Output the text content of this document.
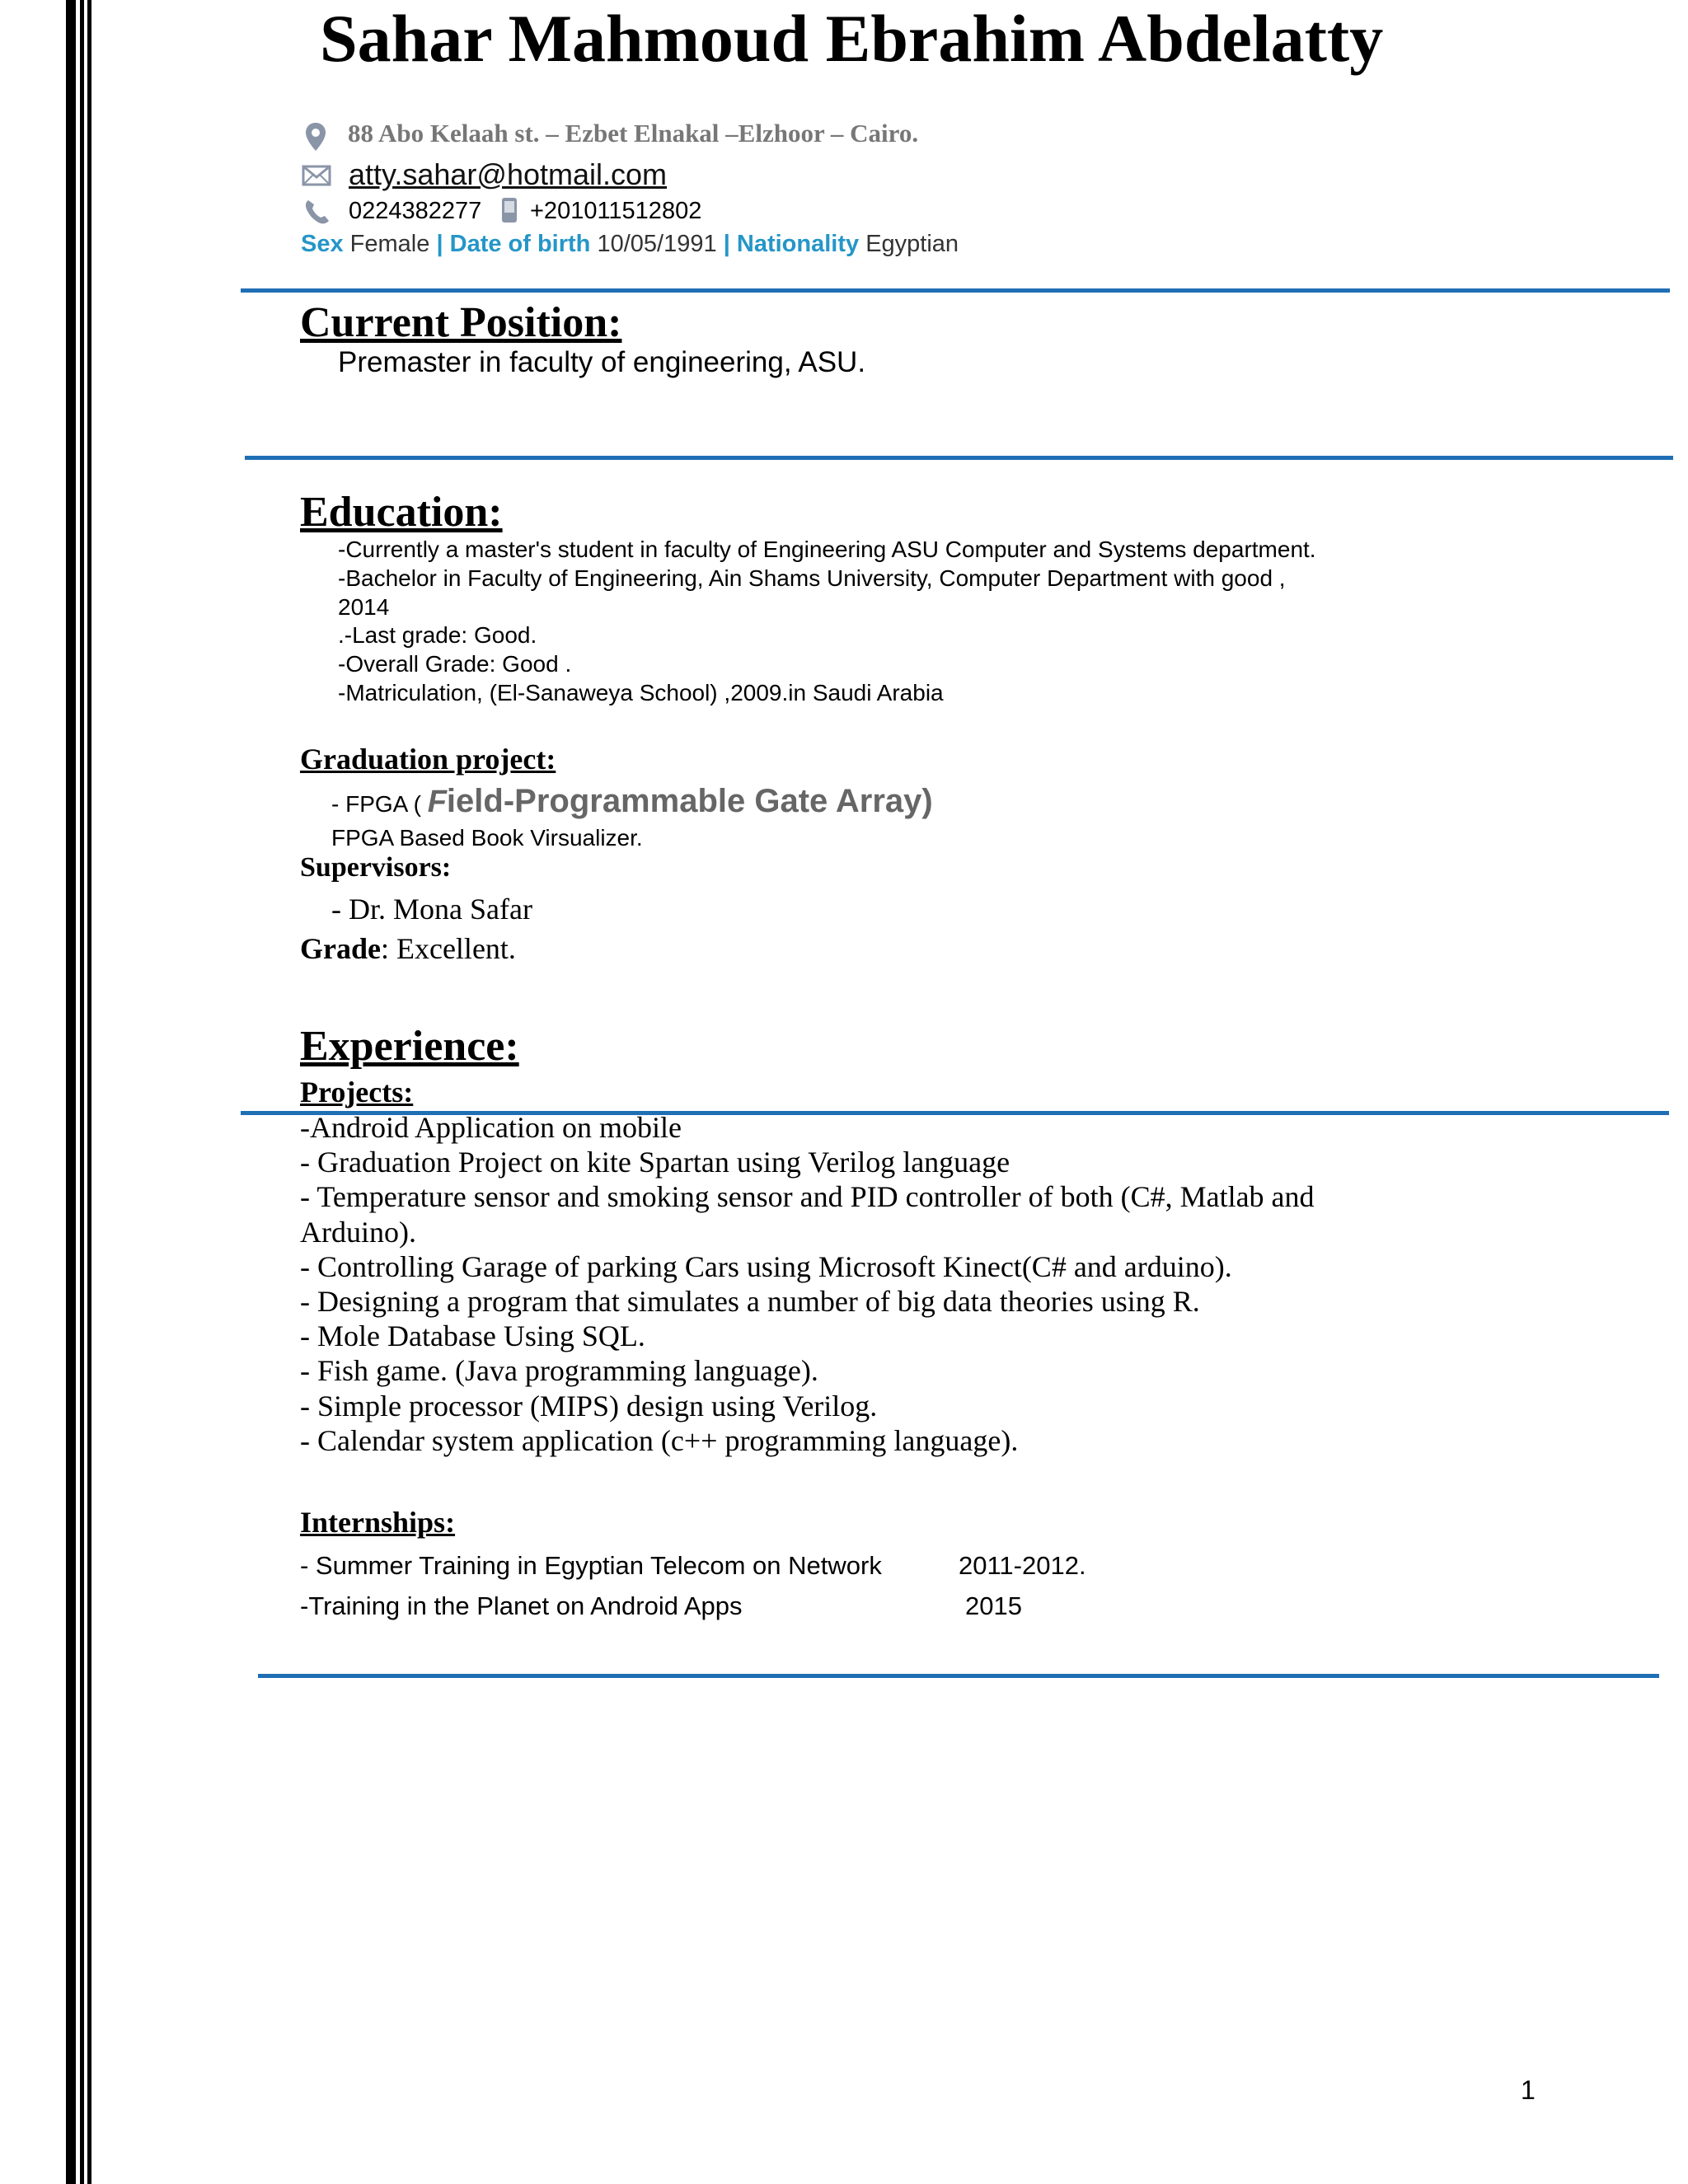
Sahar Mahmoud Ebrahim Abdelatty
88 Abo Kelaah st. – Ezbet Elnakal –Elzhoor – Cairo.
atty.sahar@hotmail.com
0224382277 +201011512802
Sex Female | Date of birth 10/05/1991 | Nationality Egyptian
Current Position:
Premaster in faculty of engineering, ASU.
Education:
-Currently a master's student in faculty of Engineering ASU Computer and Systems department.
-Bachelor in Faculty of Engineering, Ain Shams University, Computer Department with good ,
2014
.-Last grade: Good.
-Overall Grade: Good .
-Matriculation, (El-Sanaweya School) ,2009.in Saudi Arabia
Graduation project:
- FPGA ( Field-Programmable Gate Array)
FPGA Based Book Virsualizer.
Supervisors:
- Dr. Mona Safar
Grade: Excellent.
Experience:
Projects:
-Android Application on mobile
- Graduation Project on kite Spartan using Verilog language
- Temperature sensor and smoking sensor and PID controller of both (C#, Matlab and
Arduino).
- Controlling Garage of parking Cars using Microsoft Kinect(C# and arduino).
- Designing a program that simulates a number of big data theories using R.
- Mole Database Using SQL.
- Fish game. (Java programming language).
- Simple processor (MIPS) design using Verilog.
- Calendar system application (c++ programming language).
Internships:
- Summer Training in Egyptian Telecom on Network	2011-2012.
-Training in the Planet on Android Apps	2015
1
